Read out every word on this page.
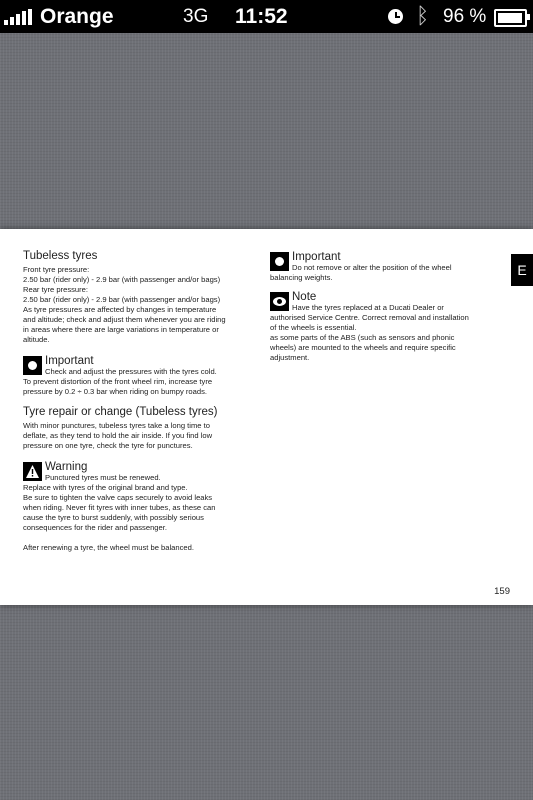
Orange	3G 11:52	ᛒ 96 %
Tubeless tyres
Front tyre pressure:
2.50 bar (rider only) - 2.9 bar (with passenger and/or bags)
Rear tyre pressure:
2.50 bar (rider only) - 2.9 bar (with passenger and/or bags)
As tyre pressures are affected by changes in temperature
and altitude; check and adjust them whenever you are riding
in areas where there are large variations in temperature or
altitude.
Important
Check and adjust the pressures with the tyres cold.
To prevent distortion of the front wheel rim, increase tyre
pressure by 0.2 ÷ 0.3 bar when riding on bumpy roads.
Tyre repair or change (Tubeless tyres)
With minor punctures, tubeless tyres take a long time to
deflate, as they tend to hold the air inside. If you find low
pressure on one tyre, check the tyre for punctures.
Warning
Punctured tyres must be renewed.
Replace with tyres of the original brand and type.
Be sure to tighten the valve caps securely to avoid leaks
when riding. Never fit tyres with inner tubes, as these can
cause the tyre to burst suddenly, with possibly serious
consequences for the rider and passenger.
After renewing a tyre, the wheel must be balanced.
Important
Do not remove or alter the position of the wheel
balancing weights.
Note
Have the tyres replaced at a Ducati Dealer or
authorised Service Centre. Correct removal and installation
of the wheels is essential.
as some parts of the ABS (such as sensors and phonic
wheels) are mounted to the wheels and require specific
adjustment.
E
159
